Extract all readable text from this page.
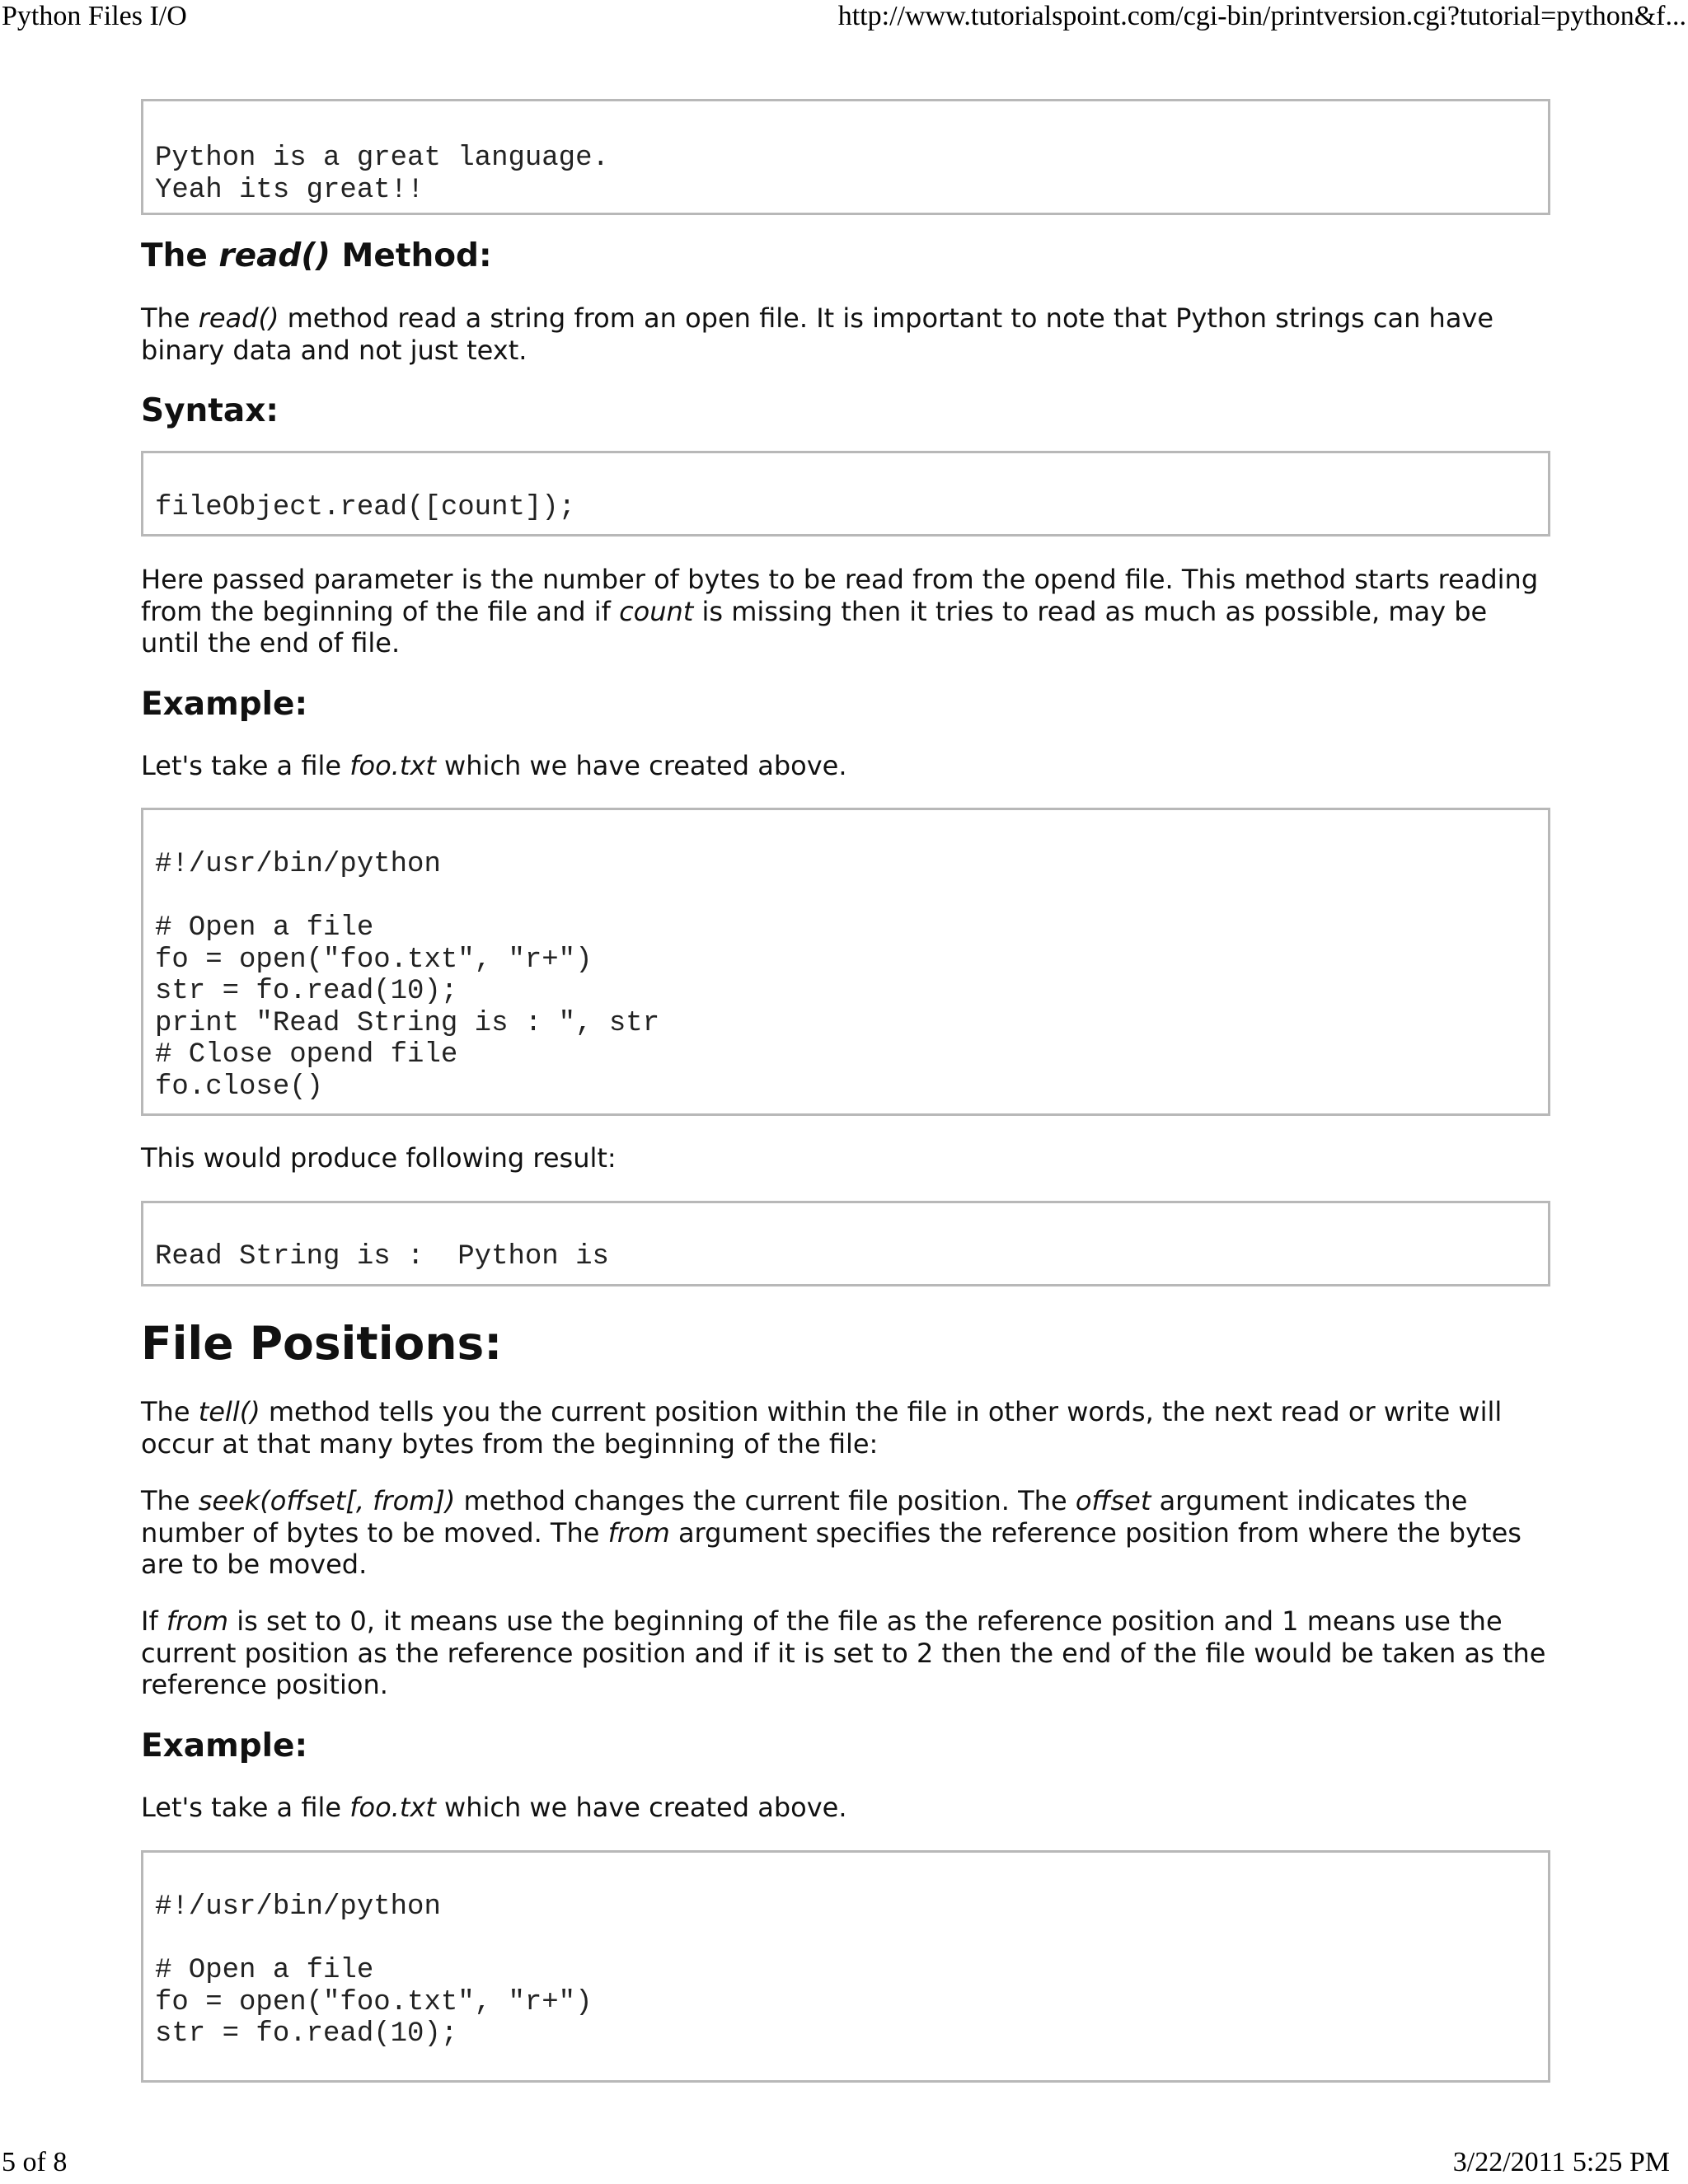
Python Files I/O	http://www.tutorialspoint.com/cgi-bin/printversion.cgi?tutorial=python&f...
Python is a great language.
Yeah its great!!
The read() Method:
The read() method read a string from an open file. It is important to note that Python strings can have binary data and not just text.
Syntax:
fileObject.read([count]);
Here passed parameter is the number of bytes to be read from the opend file. This method starts reading from the beginning of the file and if count is missing then it tries to read as much as possible, may be until the end of file.
Example:
Let's take a file foo.txt which we have created above.
#!/usr/bin/python

# Open a file
fo = open("foo.txt", "r+")
str = fo.read(10);
print "Read String is : ", str
# Close opend file
fo.close()
This would produce following result:
Read String is :  Python is
File Positions:
The tell() method tells you the current position within the file in other words, the next read or write will occur at that many bytes from the beginning of the file:
The seek(offset[, from]) method changes the current file position. The offset argument indicates the number of bytes to be moved. The from argument specifies the reference position from where the bytes are to be moved.
If from is set to 0, it means use the beginning of the file as the reference position and 1 means use the current position as the reference position and if it is set to 2 then the end of the file would be taken as the reference position.
Example:
Let's take a file foo.txt which we have created above.
#!/usr/bin/python

# Open a file
fo = open("foo.txt", "r+")
str = fo.read(10);
5 of 8	3/22/2011 5:25 PM
